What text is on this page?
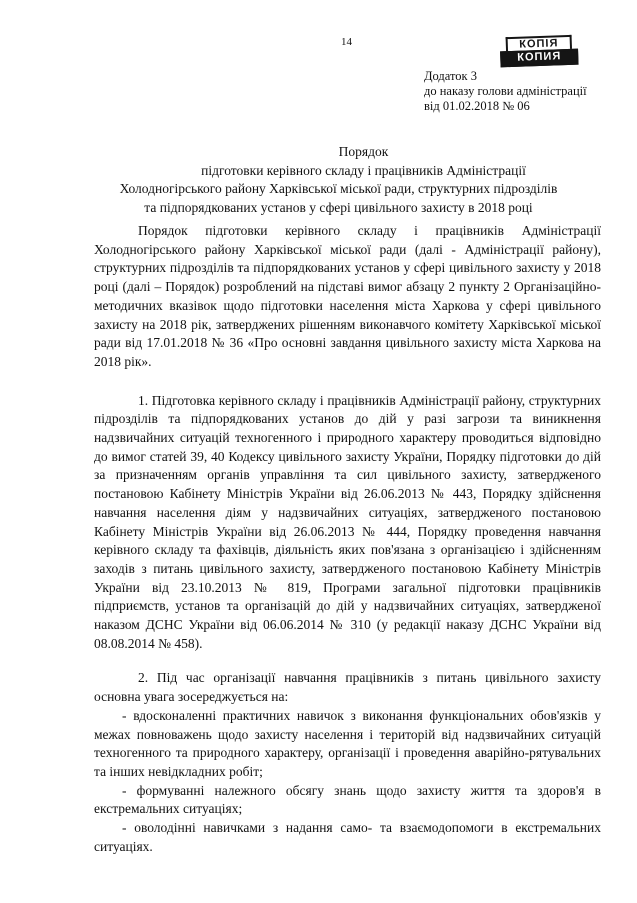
14	КОПІЯ
КОПИЯ
Додаток 3
до наказу голови адміністрації
від 01.02.2018 № 06
Порядок
підготовки керівного складу і працівників Адміністрації
Холодногірського району Харківської міської ради, структурних підрозділів
та підпорядкованих установ у сфері цивільного захисту в 2018 році

Порядок підготовки керівного складу і працівників Адміністрації Холодногірського району Харківської міської ради (далі - Адміністрації району), структурних підрозділів та підпорядкованих установ у сфері цивільного захисту у 2018 році (далі – Порядок) розроблений на підставі вимог абзацу 2 пункту 2 Організаційно-методичних вказівок щодо підготовки населення міста Харкова у сфері цивільного захисту на 2018 рік, затверджених рішенням виконавчого комітету Харківської міської ради від 17.01.2018 № 36 «Про основні завдання цивільного захисту міста Харкова на 2018 рік».

1. Підготовка керівного складу і працівників Адміністрації району, структурних підрозділів та підпорядкованих установ до дій у разі загрози та виникнення надзвичайних ситуацій техногенного і природного характеру проводиться відповідно до вимог статей 39, 40 Кодексу цивільного захисту України, Порядку підготовки до дій за призначенням органів управління та сил цивільного захисту, затвердженого постановою Кабінету Міністрів України від 26.06.2013 № 443, Порядку здійснення навчання населення діям у надзвичайних ситуаціях, затвердженого постановою Кабінету Міністрів України від 26.06.2013 № 444, Порядку проведення навчання керівного складу та фахівців, діяльність яких пов'язана з організацією і здійсненням заходів з питань цивільного захисту, затвердженого постановою Кабінету Міністрів України від 23.10.2013 № 819, Програми загальної підготовки працівників підприємств, установ та організацій до дій у надзвичайних ситуаціях, затвердженої наказом ДСНС України від 06.06.2014 № 310 (у редакції наказу ДСНС України від 08.08.2014 № 458).

2. Під час організації навчання працівників з питань цивільного захисту основна увага зосереджується на:

- вдосконаленні практичних навичок з виконання функціональних обов'язків у межах повноважень щодо захисту населення і територій від надзвичайних ситуацій техногенного та природного характеру, організації і проведення аварійно-рятувальних та інших невідкладних робіт;

- формуванні належного обсягу знань щодо захисту життя та здоров'я в екстремальних ситуаціях;

- оволодінні навичками з надання само- та взаємодопомоги в екстремальних ситуаціях.
